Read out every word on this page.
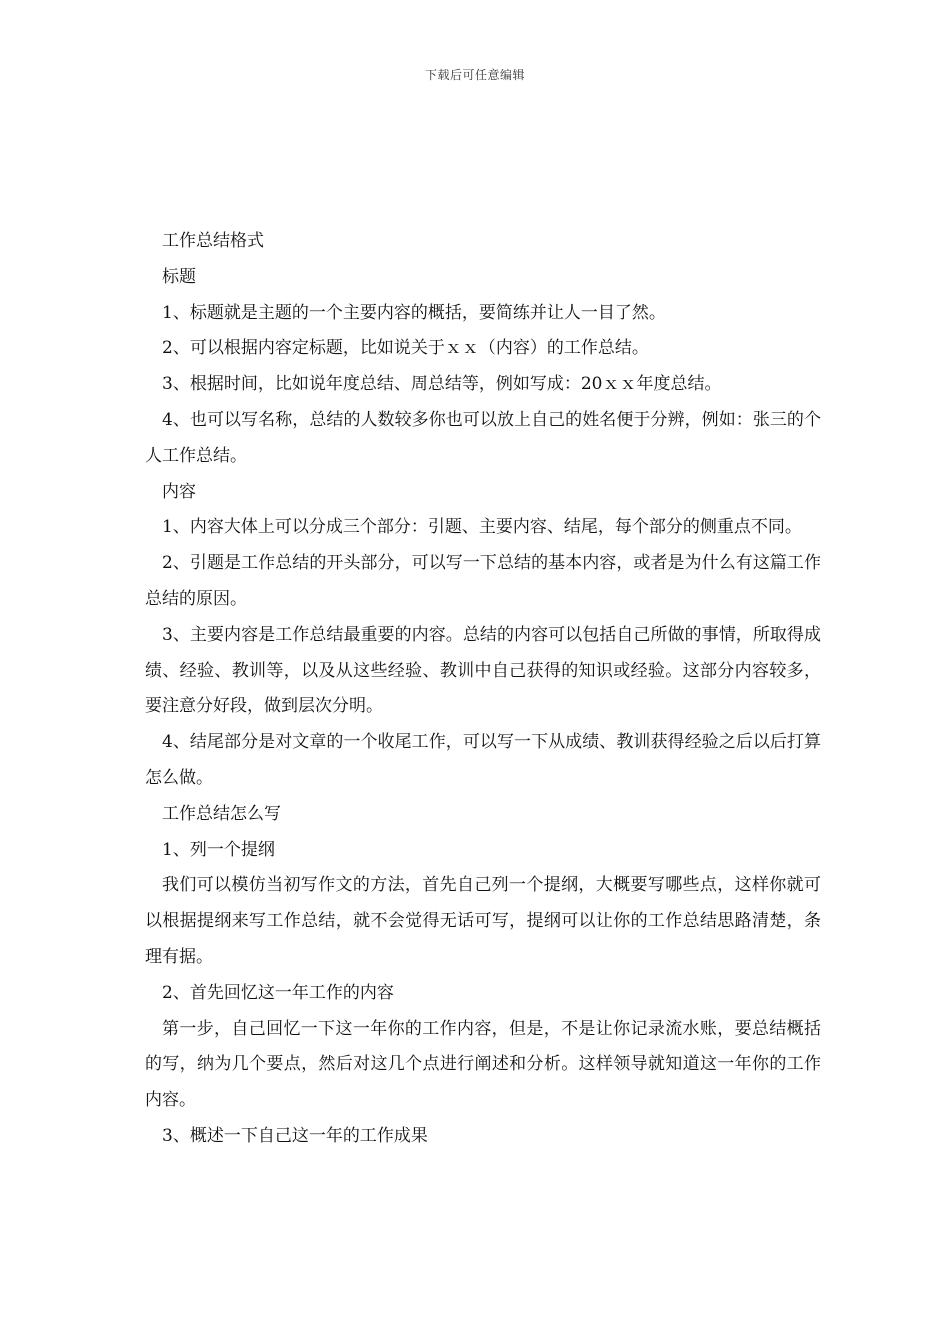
下载后可任意编辑

工作总结格式

标题

1、标题就是主题的一个主要内容的概括，要简练并让人一目了然。

2、可以根据内容定标题，比如说关于ｘｘ（内容）的工作总结。

3、根据时间，比如说年度总结、周总结等，例如写成：20ｘｘ年度总结。

4、也可以写名称，总结的人数较多你也可以放上自己的姓名便于分辨，例如：张三的个人工作总结。

内容

1、内容大体上可以分成三个部分：引题、主要内容、结尾，每个部分的侧重点不同。

2、引题是工作总结的开头部分，可以写一下总结的基本内容，或者是为什么有这篇工作总结的原因。

3、主要内容是工作总结最重要的内容。总结的内容可以包括自己所做的事情，所取得成绩、经验、教训等，以及从这些经验、教训中自己获得的知识或经验。这部分内容较多，要注意分好段，做到层次分明。

4、结尾部分是对文章的一个收尾工作，可以写一下从成绩、教训获得经验之后以后打算怎么做。

工作总结怎么写

1、列一个提纲

我们可以模仿当初写作文的方法，首先自己列一个提纲，大概要写哪些点，这样你就可以根据提纲来写工作总结，就不会觉得无话可写，提纲可以让你的工作总结思路清楚，条理有据。

2、首先回忆这一年工作的内容

第一步，自己回忆一下这一年你的工作内容，但是，不是让你记录流水账，要总结概括的写，纳为几个要点，然后对这几个点进行阐述和分析。这样领导就知道这一年你的工作内容。

3、概述一下自己这一年的工作成果
